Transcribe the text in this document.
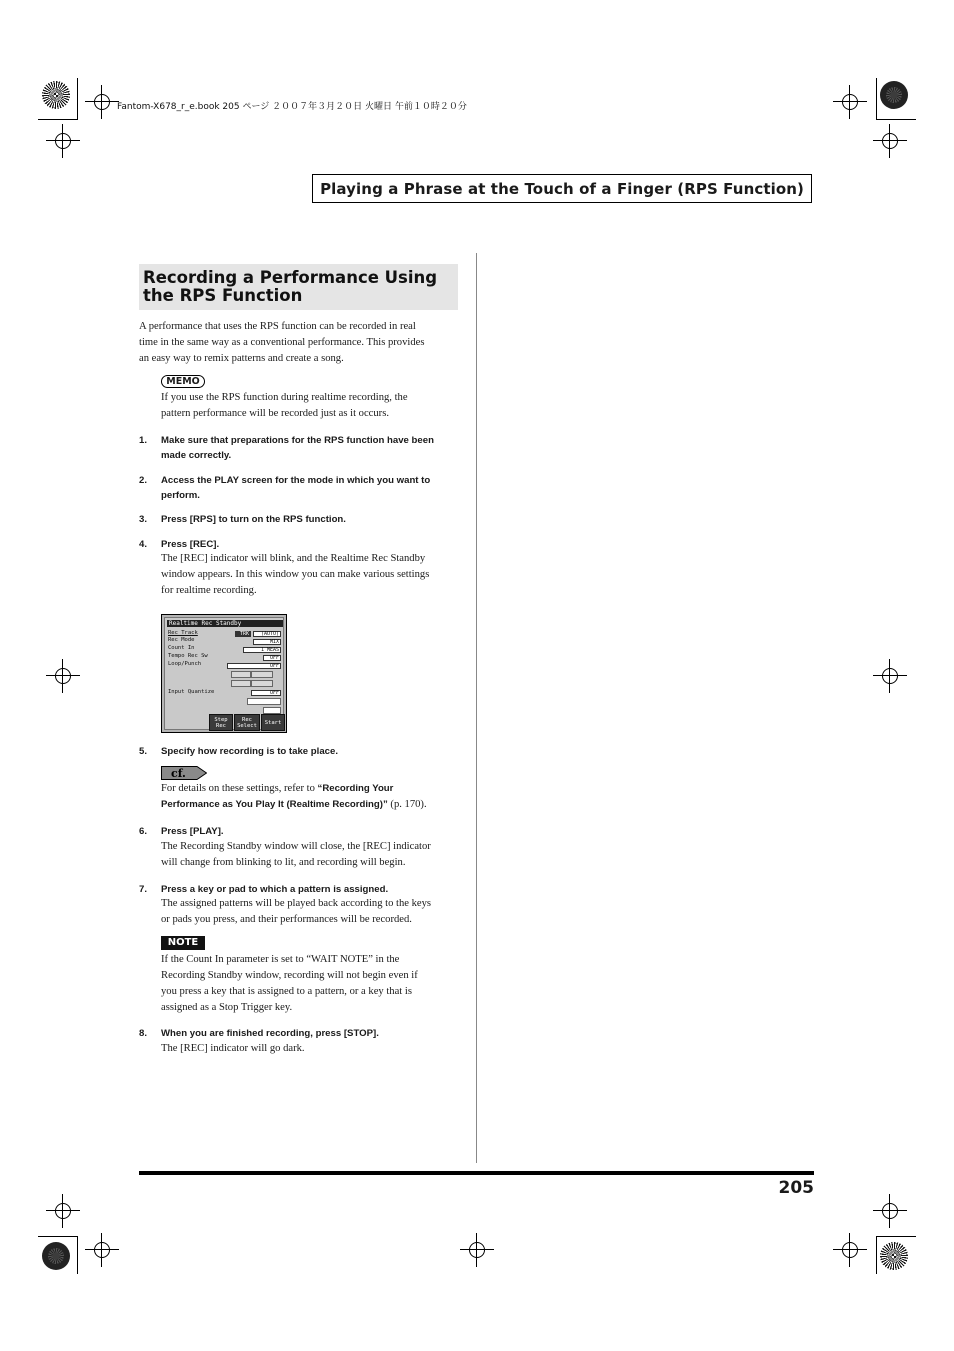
Fantom-X678_r_e.book 205 ページ ２００７年３月２０日 火曜日 午前１０時２０分
Playing a Phrase at the Touch of a Finger (RPS Function)
Recording a Performance Using
the RPS Function
A performance that uses the RPS function can be recorded in real
time in the same way as a conventional performance. This provides
an easy way to remix patterns and create a song.
MEMO
If you use the RPS function during realtime recording, the
pattern performance will be recorded just as it occurs.
1. Make sure that preparations for the RPS function have been
made correctly.
2. Access the PLAY screen for the mode in which you want to
perform.
3. Press [RPS] to turn on the RPS function.
4. Press [REC].
The [REC] indicator will blink, and the Realtime Rec Standby
window appears. In this window you can make various settings
for realtime recording.
Realtime Rec Standby
Rec Track
Rec Mode
Count In
Tempo Rec Sw
Loop/Punch
Input Quantize
TRK	(AUTO)
MIX
1 MEAS
OFF
OFF
OFF
Step
Rec
Rec
Select	Start
5. Specify how recording is to take place.
cf.
For details on these settings, refer to “Recording Your
Performance as You Play It (Realtime Recording)” (p. 170).
6. Press [PLAY].
The Recording Standby window will close, the [REC] indicator
will change from blinking to lit, and recording will begin.
7. Press a key or pad to which a pattern is assigned.
The assigned patterns will be played back according to the keys
or pads you press, and their performances will be recorded.
NOTE
If the Count In parameter is set to “WAIT NOTE” in the
Recording Standby window, recording will not begin even if
you press a key that is assigned to a pattern, or a key that is
assigned as a Stop Trigger key.
8. When you are finished recording, press [STOP].
The [REC] indicator will go dark.
205
